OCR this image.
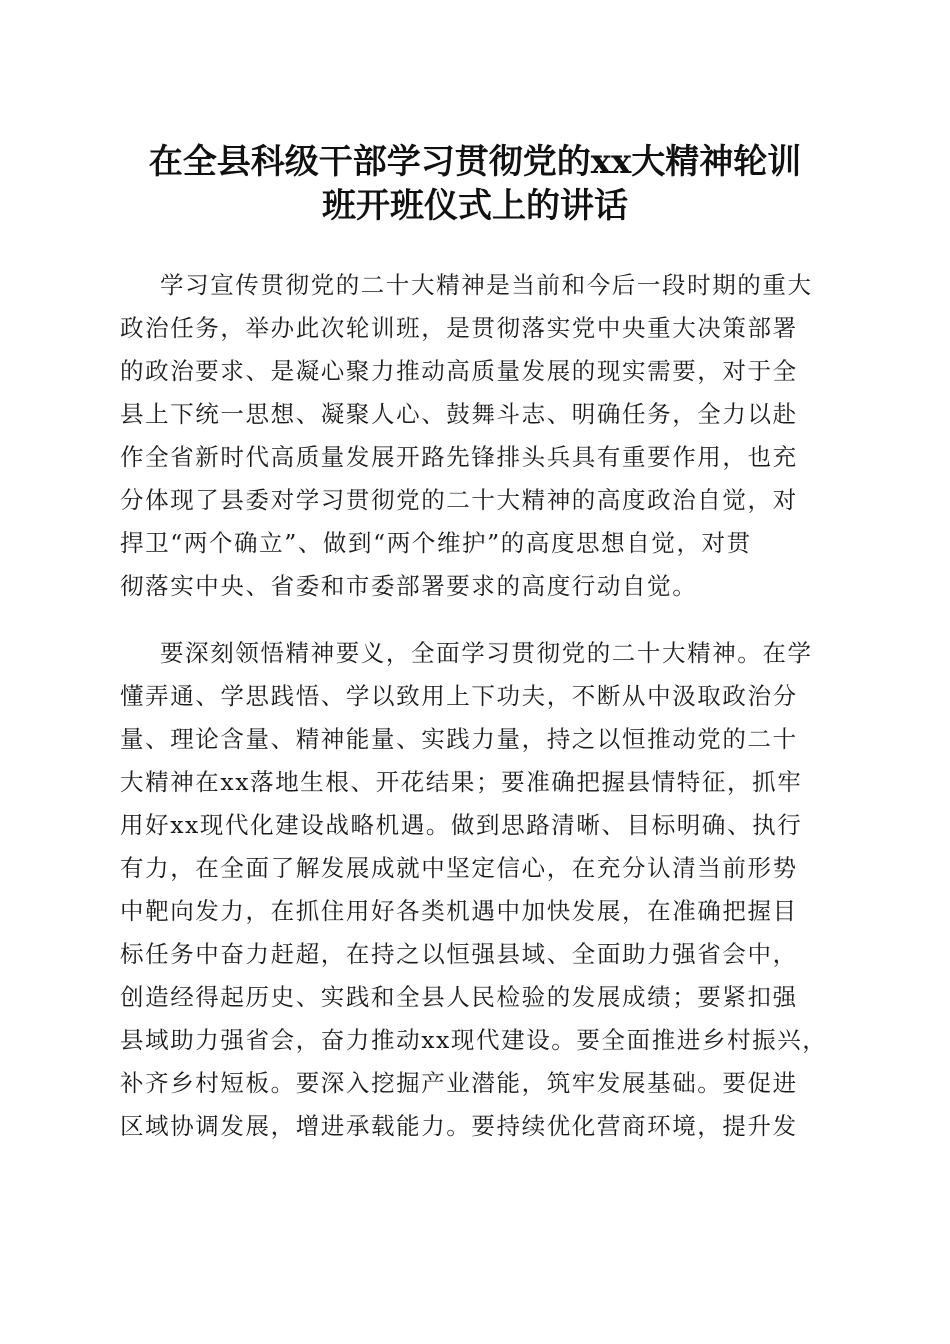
在全县科级干部学习贯彻党的xx大精神轮训
班开班仪式上的讲话
学习宣传贯彻党的二十大精神是当前和今后一段时期的重大
政治任务，举办此次轮训班，是贯彻落实党中央重大决策部署
的政治要求、是凝心聚力推动高质量发展的现实需要，对于全
县上下统一思想、凝聚人心、鼓舞斗志、明确任务，全力以赴
作全省新时代高质量发展开路先锋排头兵具有重要作用，也充
分体现了县委对学习贯彻党的二十大精神的高度政治自觉，对
捍卫“两个确立”、做到“两个维护”的高度思想自觉，对贯
彻落实中央、省委和市委部署要求的高度行动自觉。
要深刻领悟精神要义，全面学习贯彻党的二十大精神。在学
懂弄通、学思践悟、学以致用上下功夫，不断从中汲取政治分
量、理论含量、精神能量、实践力量，持之以恒推动党的二十
大精神在xx落地生根、开花结果；要准确把握县情特征，抓牢
用好xx现代化建设战略机遇。做到思路清晰、目标明确、执行
有力，在全面了解发展成就中坚定信心，在充分认清当前形势
中靶向发力，在抓住用好各类机遇中加快发展，在准确把握目
标任务中奋力赶超，在持之以恒强县域、全面助力强省会中，
创造经得起历史、实践和全县人民检验的发展成绩；要紧扣强
县域助力强省会，奋力推动xx现代建设。要全面推进乡村振兴，
补齐乡村短板。要深入挖掘产业潜能，筑牢发展基础。要促进
区域协调发展，增进承载能力。要持续优化营商环境，提升发
